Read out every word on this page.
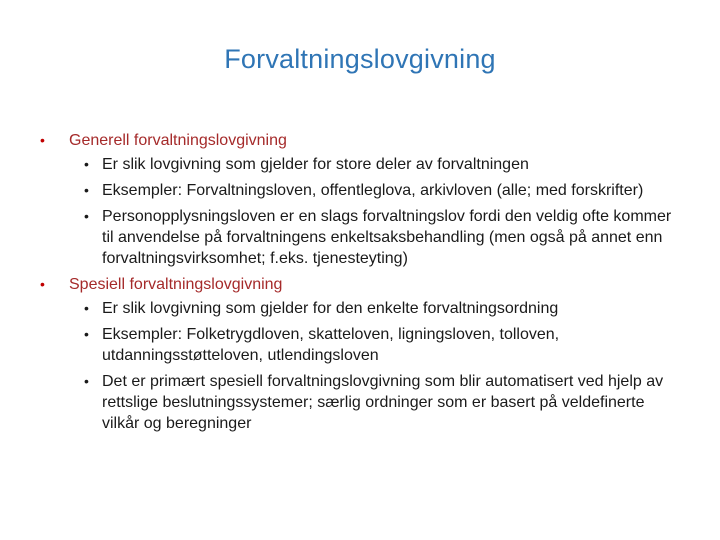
Forvaltningslovgivning
• Generell forvaltningslovgivning
• Er slik lovgivning som gjelder for store deler av forvaltningen
• Eksempler: Forvaltningsloven, offentleglova, arkivloven (alle; med forskrifter)
• Personopplysningsloven er en slags forvaltningslov fordi den veldig ofte kommer til anvendelse på forvaltningens enkeltsaksbehandling (men også på annet enn forvaltningsvirksomhet; f.eks. tjenesteyting)
• Spesiell forvaltningslovgivning
• Er slik lovgivning som gjelder for den enkelte forvaltningsordning
• Eksempler: Folketrygdloven, skatteloven, ligningsloven, tolloven, utdanningsstøtteloven, utlendingsloven
• Det er primært spesiell forvaltningslovgivning som blir automatisert ved hjelp av rettslige beslutningssystemer; særlig ordninger som er basert på veldefinerte vilkår og beregninger
